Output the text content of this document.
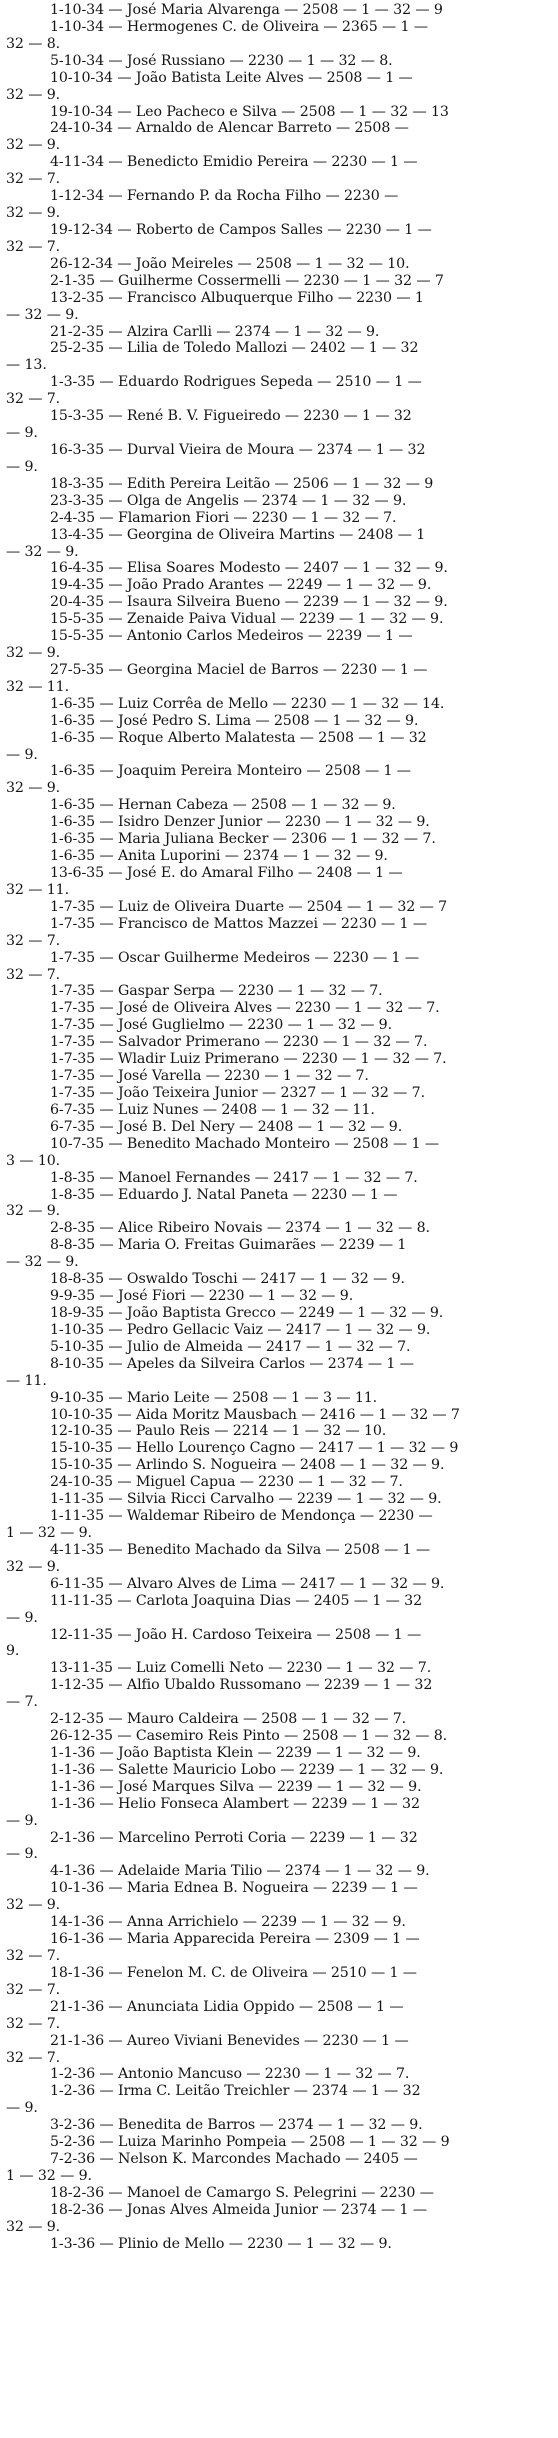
1-10-34 — José Maria Alvarenga — 2508 — 1 — 32 — 9
1-10-34 — Hermogenes C. de Oliveira — 2365 — 1 —
32 — 8.
5-10-34 — José Russiano — 2230 — 1 — 32 — 8.
10-10-34 — João Batista Leite Alves — 2508 — 1 —
32 — 9.
19-10-34 — Leo Pacheco e Silva — 2508 — 1 — 32 — 13
24-10-34 — Arnaldo de Alencar Barreto — 2508 —
32 — 9.
4-11-34 — Benedicto Emidio Pereira — 2230 — 1 —
32 — 7.
1-12-34 — Fernando P. da Rocha Filho — 2230 —
32 — 9.
19-12-34 — Roberto de Campos Salles — 2230 — 1 —
32 — 7.
26-12-34 — João Meireles — 2508 — 1 — 32 — 10.
2-1-35 — Guilherme Cossermelli — 2230 — 1 — 32 — 7
13-2-35 — Francisco Albuquerque Filho — 2230 — 1
— 32 — 9.
21-2-35 — Alzira Carlli — 2374 — 1 — 32 — 9.
25-2-35 — Lilia de Toledo Mallozi — 2402 — 1 — 32
— 13.
1-3-35 — Eduardo Rodrigues Sepeda — 2510 — 1 —
32 — 7.
15-3-35 — René B. V. Figueiredo — 2230 — 1 — 32
— 9.
16-3-35 — Durval Vieira de Moura — 2374 — 1 — 32
— 9.
18-3-35 — Edith Pereira Leitão — 2506 — 1 — 32 — 9
23-3-35 — Olga de Angelis — 2374 — 1 — 32 — 9.
2-4-35 — Flamarion Fiori — 2230 — 1 — 32 — 7.
13-4-35 — Georgina de Oliveira Martins — 2408 — 1
— 32 — 9.
16-4-35 — Elisa Soares Modesto — 2407 — 1 — 32 — 9.
19-4-35 — João Prado Arantes — 2249 — 1 — 32 — 9.
20-4-35 — Isaura Silveira Bueno — 2239 — 1 — 32 — 9.
15-5-35 — Zenaide Paiva Vidual — 2239 — 1 — 32 — 9.
15-5-35 — Antonio Carlos Medeiros — 2239 — 1 —
32 — 9.
27-5-35 — Georgina Maciel de Barros — 2230 — 1 —
32 — 11.
1-6-35 — Luiz Corrêa de Mello — 2230 — 1 — 32 — 14.
1-6-35 — José Pedro S. Lima — 2508 — 1 — 32 — 9.
1-6-35 — Roque Alberto Malatesta — 2508 — 1 — 32
— 9.
1-6-35 — Joaquim Pereira Monteiro — 2508 — 1 —
32 — 9.
1-6-35 — Hernan Cabeza — 2508 — 1 — 32 — 9.
1-6-35 — Isidro Denzer Junior — 2230 — 1 — 32 — 9.
1-6-35 — Maria Juliana Becker — 2306 — 1 — 32 — 7.
1-6-35 — Anita Luporini — 2374 — 1 — 32 — 9.
13-6-35 — José E. do Amaral Filho — 2408 — 1 —
32 — 11.
1-7-35 — Luiz de Oliveira Duarte — 2504 — 1 — 32 — 7
1-7-35 — Francisco de Mattos Mazzei — 2230 — 1 —
32 — 7.
1-7-35 — Oscar Guilherme Medeiros — 2230 — 1 —
32 — 7.
1-7-35 — Gaspar Serpa — 2230 — 1 — 32 — 7.
1-7-35 — José de Oliveira Alves — 2230 — 1 — 32 — 7.
1-7-35 — José Guglielmo — 2230 — 1 — 32 — 9.
1-7-35 — Salvador Primerano — 2230 — 1 — 32 — 7.
1-7-35 — Wladir Luiz Primerano — 2230 — 1 — 32 — 7.
1-7-35 — José Varella — 2230 — 1 — 32 — 7.
1-7-35 — João Teixeira Junior — 2327 — 1 — 32 — 7.
6-7-35 — Luiz Nunes — 2408 — 1 — 32 — 11.
6-7-35 — José B. Del Nery — 2408 — 1 — 32 — 9.
10-7-35 — Benedito Machado Monteiro — 2508 — 1 —
3 — 10.
1-8-35 — Manoel Fernandes — 2417 — 1 — 32 — 7.
1-8-35 — Eduardo J. Natal Paneta — 2230 — 1 —
32 — 9.
2-8-35 — Alice Ribeiro Novais — 2374 — 1 — 32 — 8.
8-8-35 — Maria O. Freitas Guimarães — 2239 — 1
— 32 — 9.
18-8-35 — Oswaldo Toschi — 2417 — 1 — 32 — 9.
9-9-35 — José Fiori — 2230 — 1 — 32 — 9.
18-9-35 — João Baptista Grecco — 2249 — 1 — 32 — 9.
1-10-35 — Pedro Gellacic Vaiz — 2417 — 1 — 32 — 9.
5-10-35 — Julio de Almeida — 2417 — 1 — 32 — 7.
8-10-35 — Apeles da Silveira Carlos — 2374 — 1 —
— 11.
9-10-35 — Mario Leite — 2508 — 1 — 3 — 11.
10-10-35 — Aida Moritz Mausbach — 2416 — 1 — 32 — 7
12-10-35 — Paulo Reis — 2214 — 1 — 32 — 10.
15-10-35 — Hello Lourenço Cagno — 2417 — 1 — 32 — 9
15-10-35 — Arlindo S. Nogueira — 2408 — 1 — 32 — 9.
24-10-35 — Miguel Capua — 2230 — 1 — 32 — 7.
1-11-35 — Silvia Ricci Carvalho — 2239 — 1 — 32 — 9.
1-11-35 — Waldemar Ribeiro de Mendonça — 2230 —
1 — 32 — 9.
4-11-35 — Benedito Machado da Silva — 2508 — 1 —
32 — 9.
6-11-35 — Alvaro Alves de Lima — 2417 — 1 — 32 — 9.
11-11-35 — Carlota Joaquina Dias — 2405 — 1 — 32
— 9.
12-11-35 — João H. Cardoso Teixeira — 2508 — 1 —
9.
13-11-35 — Luiz Comelli Neto — 2230 — 1 — 32 — 7.
1-12-35 — Alfio Ubaldo Russomano — 2239 — 1 — 32
— 7.
2-12-35 — Mauro Caldeira — 2508 — 1 — 32 — 7.
26-12-35 — Casemiro Reis Pinto — 2508 — 1 — 32 — 8.
1-1-36 — João Baptista Klein — 2239 — 1 — 32 — 9.
1-1-36 — Salette Mauricio Lobo — 2239 — 1 — 32 — 9.
1-1-36 — José Marques Silva — 2239 — 1 — 32 — 9.
1-1-36 — Helio Fonseca Alambert — 2239 — 1 — 32
— 9.
2-1-36 — Marcelino Perroti Coria — 2239 — 1 — 32
— 9.
4-1-36 — Adelaide Maria Tilio — 2374 — 1 — 32 — 9.
10-1-36 — Maria Ednea B. Nogueira — 2239 — 1 —
32 — 9.
14-1-36 — Anna Arrichielo — 2239 — 1 — 32 — 9.
16-1-36 — Maria Apparecida Pereira — 2309 — 1 —
32 — 7.
18-1-36 — Fenelon M. C. de Oliveira — 2510 — 1 —
32 — 7.
21-1-36 — Anunciata Lidia Oppido — 2508 — 1 —
32 — 7.
21-1-36 — Aureo Viviani Benevides — 2230 — 1 —
32 — 7.
1-2-36 — Antonio Mancuso — 2230 — 1 — 32 — 7.
1-2-36 — Irma C. Leitão Treichler — 2374 — 1 — 32
— 9.
3-2-36 — Benedita de Barros — 2374 — 1 — 32 — 9.
5-2-36 — Luiza Marinho Pompeia — 2508 — 1 — 32 — 9
7-2-36 — Nelson K. Marcondes Machado — 2405 —
1 — 32 — 9.
18-2-36 — Manoel de Camargo S. Pelegrini — 2230 —
18-2-36 — Jonas Alves Almeida Junior — 2374 — 1 —
32 — 9.
1-3-36 — Plinio de Mello — 2230 — 1 — 32 — 9.
